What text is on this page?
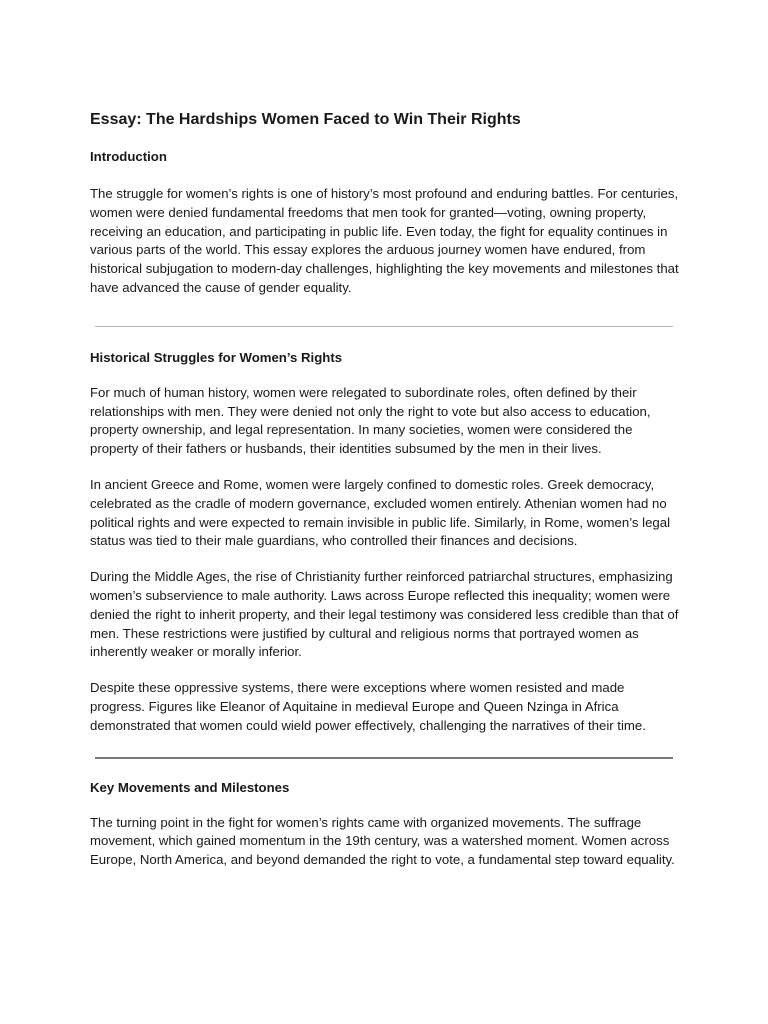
Essay: The Hardships Women Faced to Win Their Rights
Introduction

The struggle for women’s rights is one of history’s most profound and enduring battles. For centuries, women were denied fundamental freedoms that men took for granted—voting, owning property, receiving an education, and participating in public life. Even today, the fight for equality continues in various parts of the world. This essay explores the arduous journey women have endured, from historical subjugation to modern-day challenges, highlighting the key movements and milestones that have advanced the cause of gender equality.

Historical Struggles for Women’s Rights

For much of human history, women were relegated to subordinate roles, often defined by their relationships with men. They were denied not only the right to vote but also access to education, property ownership, and legal representation. In many societies, women were considered the property of their fathers or husbands, their identities subsumed by the men in their lives.

In ancient Greece and Rome, women were largely confined to domestic roles. Greek democracy, celebrated as the cradle of modern governance, excluded women entirely. Athenian women had no political rights and were expected to remain invisible in public life. Similarly, in Rome, women’s legal status was tied to their male guardians, who controlled their finances and decisions.

During the Middle Ages, the rise of Christianity further reinforced patriarchal structures, emphasizing women’s subservience to male authority. Laws across Europe reflected this inequality; women were denied the right to inherit property, and their legal testimony was considered less credible than that of men. These restrictions were justified by cultural and religious norms that portrayed women as inherently weaker or morally inferior.

Despite these oppressive systems, there were exceptions where women resisted and made progress. Figures like Eleanor of Aquitaine in medieval Europe and Queen Nzinga in Africa demonstrated that women could wield power effectively, challenging the narratives of their time.

Key Movements and Milestones

The turning point in the fight for women’s rights came with organized movements. The suffrage movement, which gained momentum in the 19th century, was a watershed moment. Women across Europe, North America, and beyond demanded the right to vote, a fundamental step toward equality.
